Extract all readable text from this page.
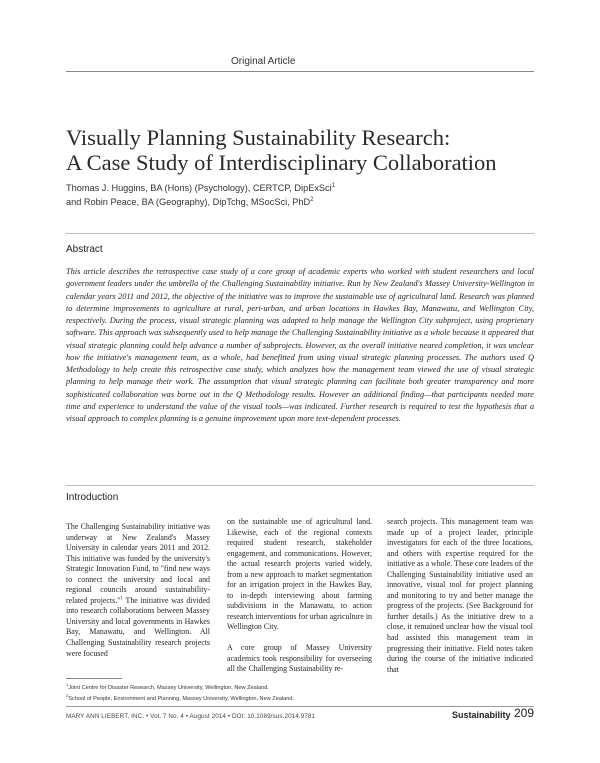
Original Article
Visually Planning Sustainability Research:
A Case Study of Interdisciplinary Collaboration
Thomas J. Huggins, BA (Hons) (Psychology), CERTCP, DipExSci$^1$
and Robin Peace, BA (Geography), DipTchg, MSocSci, PhD$^2$
Abstract

This article describes the retrospective case study of a core group of academic experts who worked with student researchers and local government leaders under the umbrella of the Challenging Sustainability initiative. Run by New Zealand's Massey University-Wellington in calendar years 2011 and 2012, the objective of the initiative was to improve the sustainable use of agricultural land. Research was planned to determine improvements to agriculture at rural, peri-urban, and urban locations in Hawkes Bay, Manawatu, and Wellington City, respectively. During the process, visual strategic planning was adapted to help manage the Wellington City subproject, using proprietary software. This approach was subsequently used to help manage the Challenging Sustainability initiative as a whole because it appeared that visual strategic planning could help advance a number of subprojects. However, as the overall initiative neared completion, it was unclear how the initiative's management team, as a whole, had benefitted from using visual strategic planning processes. The authors used Q Methodology to help create this retrospective case study, which analyzes how the management team viewed the use of visual strategic planning to help manage their work. The assumption that visual strategic planning can facilitate both greater transparency and more sophisticated collaboration was borne out in the Q Methodology results. However an additional finding—that participants needed more time and experience to understand the value of the visual tools—was indicated. Further research is required to test the hypothesis that a visual approach to complex planning is a genuine improvement upon more text-dependent processes.

Introduction

The Challenging Sustainability initiative was underway at New Zealand's Massey University in calendar years 2011 and 2012. This initiative was funded by the university's Strategic Innovation Fund, to "find new ways to connect the university and local and regional councils around sustainability-related projects."$^1$ The initiative was divided into research collaborations between Massey University and local governments in Hawkes Bay, Manawatu, and Wellington. All Challenging Sustainability research projects were focused

on the sustainable use of agricultural land. Likewise, each of the regional contexts required student research, stakeholder engagement, and communications. However, the actual research projects varied widely, from a new approach to market segmentation for an irrigation project in the Hawkes Bay, to in-depth interviewing about farming subdivisions in the Manawatu, to action research interventions for urban agriculture in Wellington City.

A core group of Massey University academics took responsibility for overseeing all the Challenging Sustainability re-

search projects. This management team was made up of a project leader, principle investigators for each of the three locations, and others with expertise required for the initiative as a whole. These core leaders of the Challenging Sustainability initiative used an innovative, visual tool for project planning and monitoring to try and better manage the progress of the projects. (See Background for further details.) As the initiative drew to a close, it remained unclear how the visual tool had assisted this management team in progressing their initiative. Field notes taken during the course of the initiative indicated that

$^1$Joint Centre for Disaster Research, Massey University, Wellington, New Zealand.
$^2$School of People, Environment and Planning, Massey University, Wellington, New Zealand.
MARY ANN LIEBERT, INC. • Vol. 7 No. 4 • August 2014 • DOI: 10.1089/sus.2014.9781	Sustainability 209
